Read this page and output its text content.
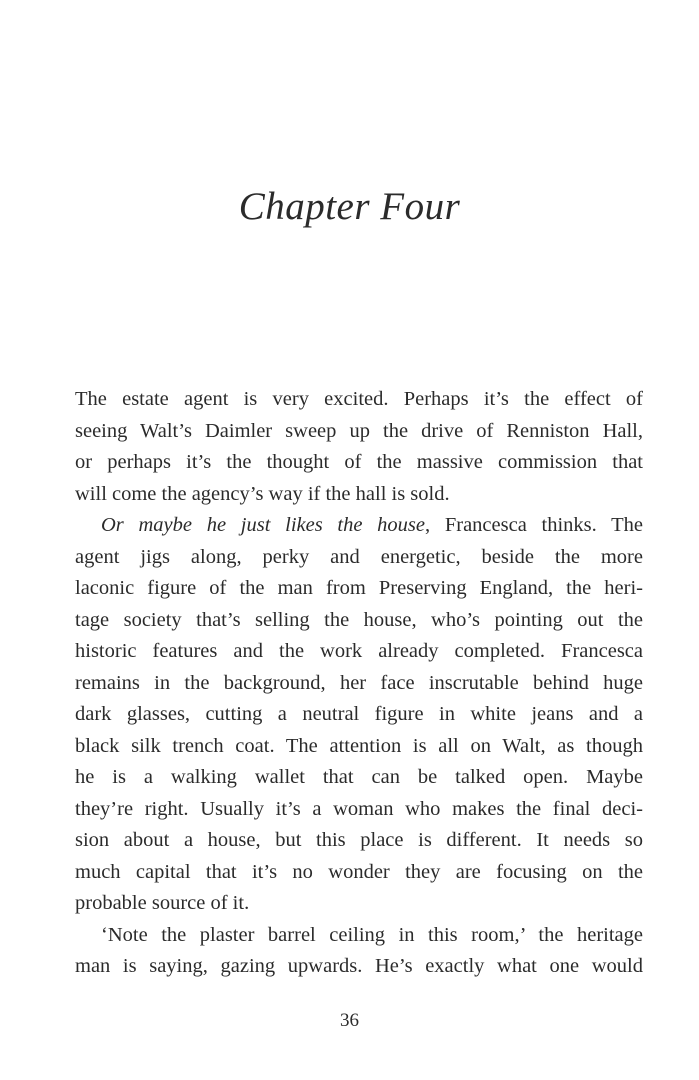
Chapter Four
The estate agent is very excited. Perhaps it’s the effect of
seeing Walt’s Daimler sweep up the drive of Renniston Hall,
or perhaps it’s the thought of the massive commission that
will come the agency’s way if the hall is sold.
Or maybe he just likes the house, Francesca thinks. The
agent jigs along, perky and energetic, beside the more
laconic figure of the man from Preserving England, the heri-
tage society that’s selling the house, who’s pointing out the
historic features and the work already completed. Francesca
remains in the background, her face inscrutable behind huge
dark glasses, cutting a neutral figure in white jeans and a
black silk trench coat. The attention is all on Walt, as though
he is a walking wallet that can be talked open. Maybe
they’re right. Usually it’s a woman who makes the final deci-
sion about a house, but this place is different. It needs so
much capital that it’s no wonder they are focusing on the
probable source of it.
‘Note the plaster barrel ceiling in this room,’ the heritage
man is saying, gazing upwards. He’s exactly what one would
36
